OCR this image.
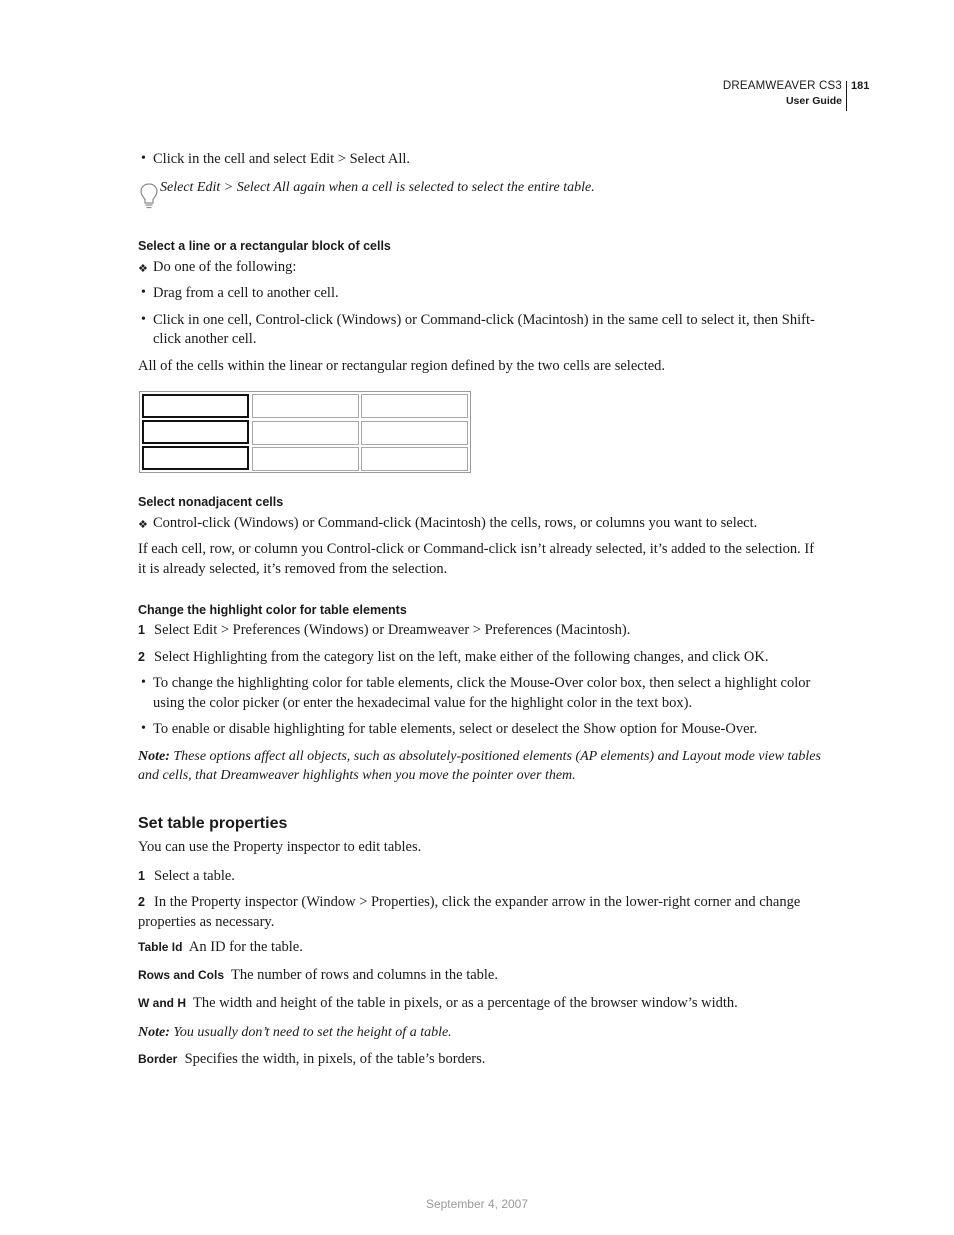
DREAMWEAVER CS3
User Guide
181
• Click in the cell and select Edit > Select All.
Select Edit > Select All again when a cell is selected to select the entire table.
Select a line or a rectangular block of cells
❖ Do one of the following:
• Drag from a cell to another cell.
• Click in one cell, Control-click (Windows) or Command-click (Macintosh) in the same cell to select it, then Shift-
click another cell.
All of the cells within the linear or rectangular region defined by the two cells are selected.
Select nonadjacent cells
❖ Control-click (Windows) or Command-click (Macintosh) the cells, rows, or columns you want to select.
If each cell, row, or column you Control-click or Command-click isn’t already selected, it’s added to the selection. If
it is already selected, it’s removed from the selection.
Change the highlight color for table elements
1 Select Edit > Preferences (Windows) or Dreamweaver > Preferences (Macintosh).
2 Select Highlighting from the category list on the left, make either of the following changes, and click OK.
• To change the highlighting color for table elements, click the Mouse-Over color box, then select a highlight color
using the color picker (or enter the hexadecimal value for the highlight color in the text box).
• To enable or disable highlighting for table elements, select or deselect the Show option for Mouse-Over.
Note: These options affect all objects, such as absolutely-positioned elements (AP elements) and Layout mode view tables
and cells, that Dreamweaver highlights when you move the pointer over them.
Set table properties
You can use the Property inspector to edit tables.
1 Select a table.
2 In the Property inspector (Window > Properties), click the expander arrow in the lower-right corner and change
properties as necessary.
Table Id An ID for the table.
Rows and Cols The number of rows and columns in the table.
W and H The width and height of the table in pixels, or as a percentage of the browser window’s width.
Note: You usually don’t need to set the height of a table.
Border Specifies the width, in pixels, of the table’s borders.
September 4, 2007
